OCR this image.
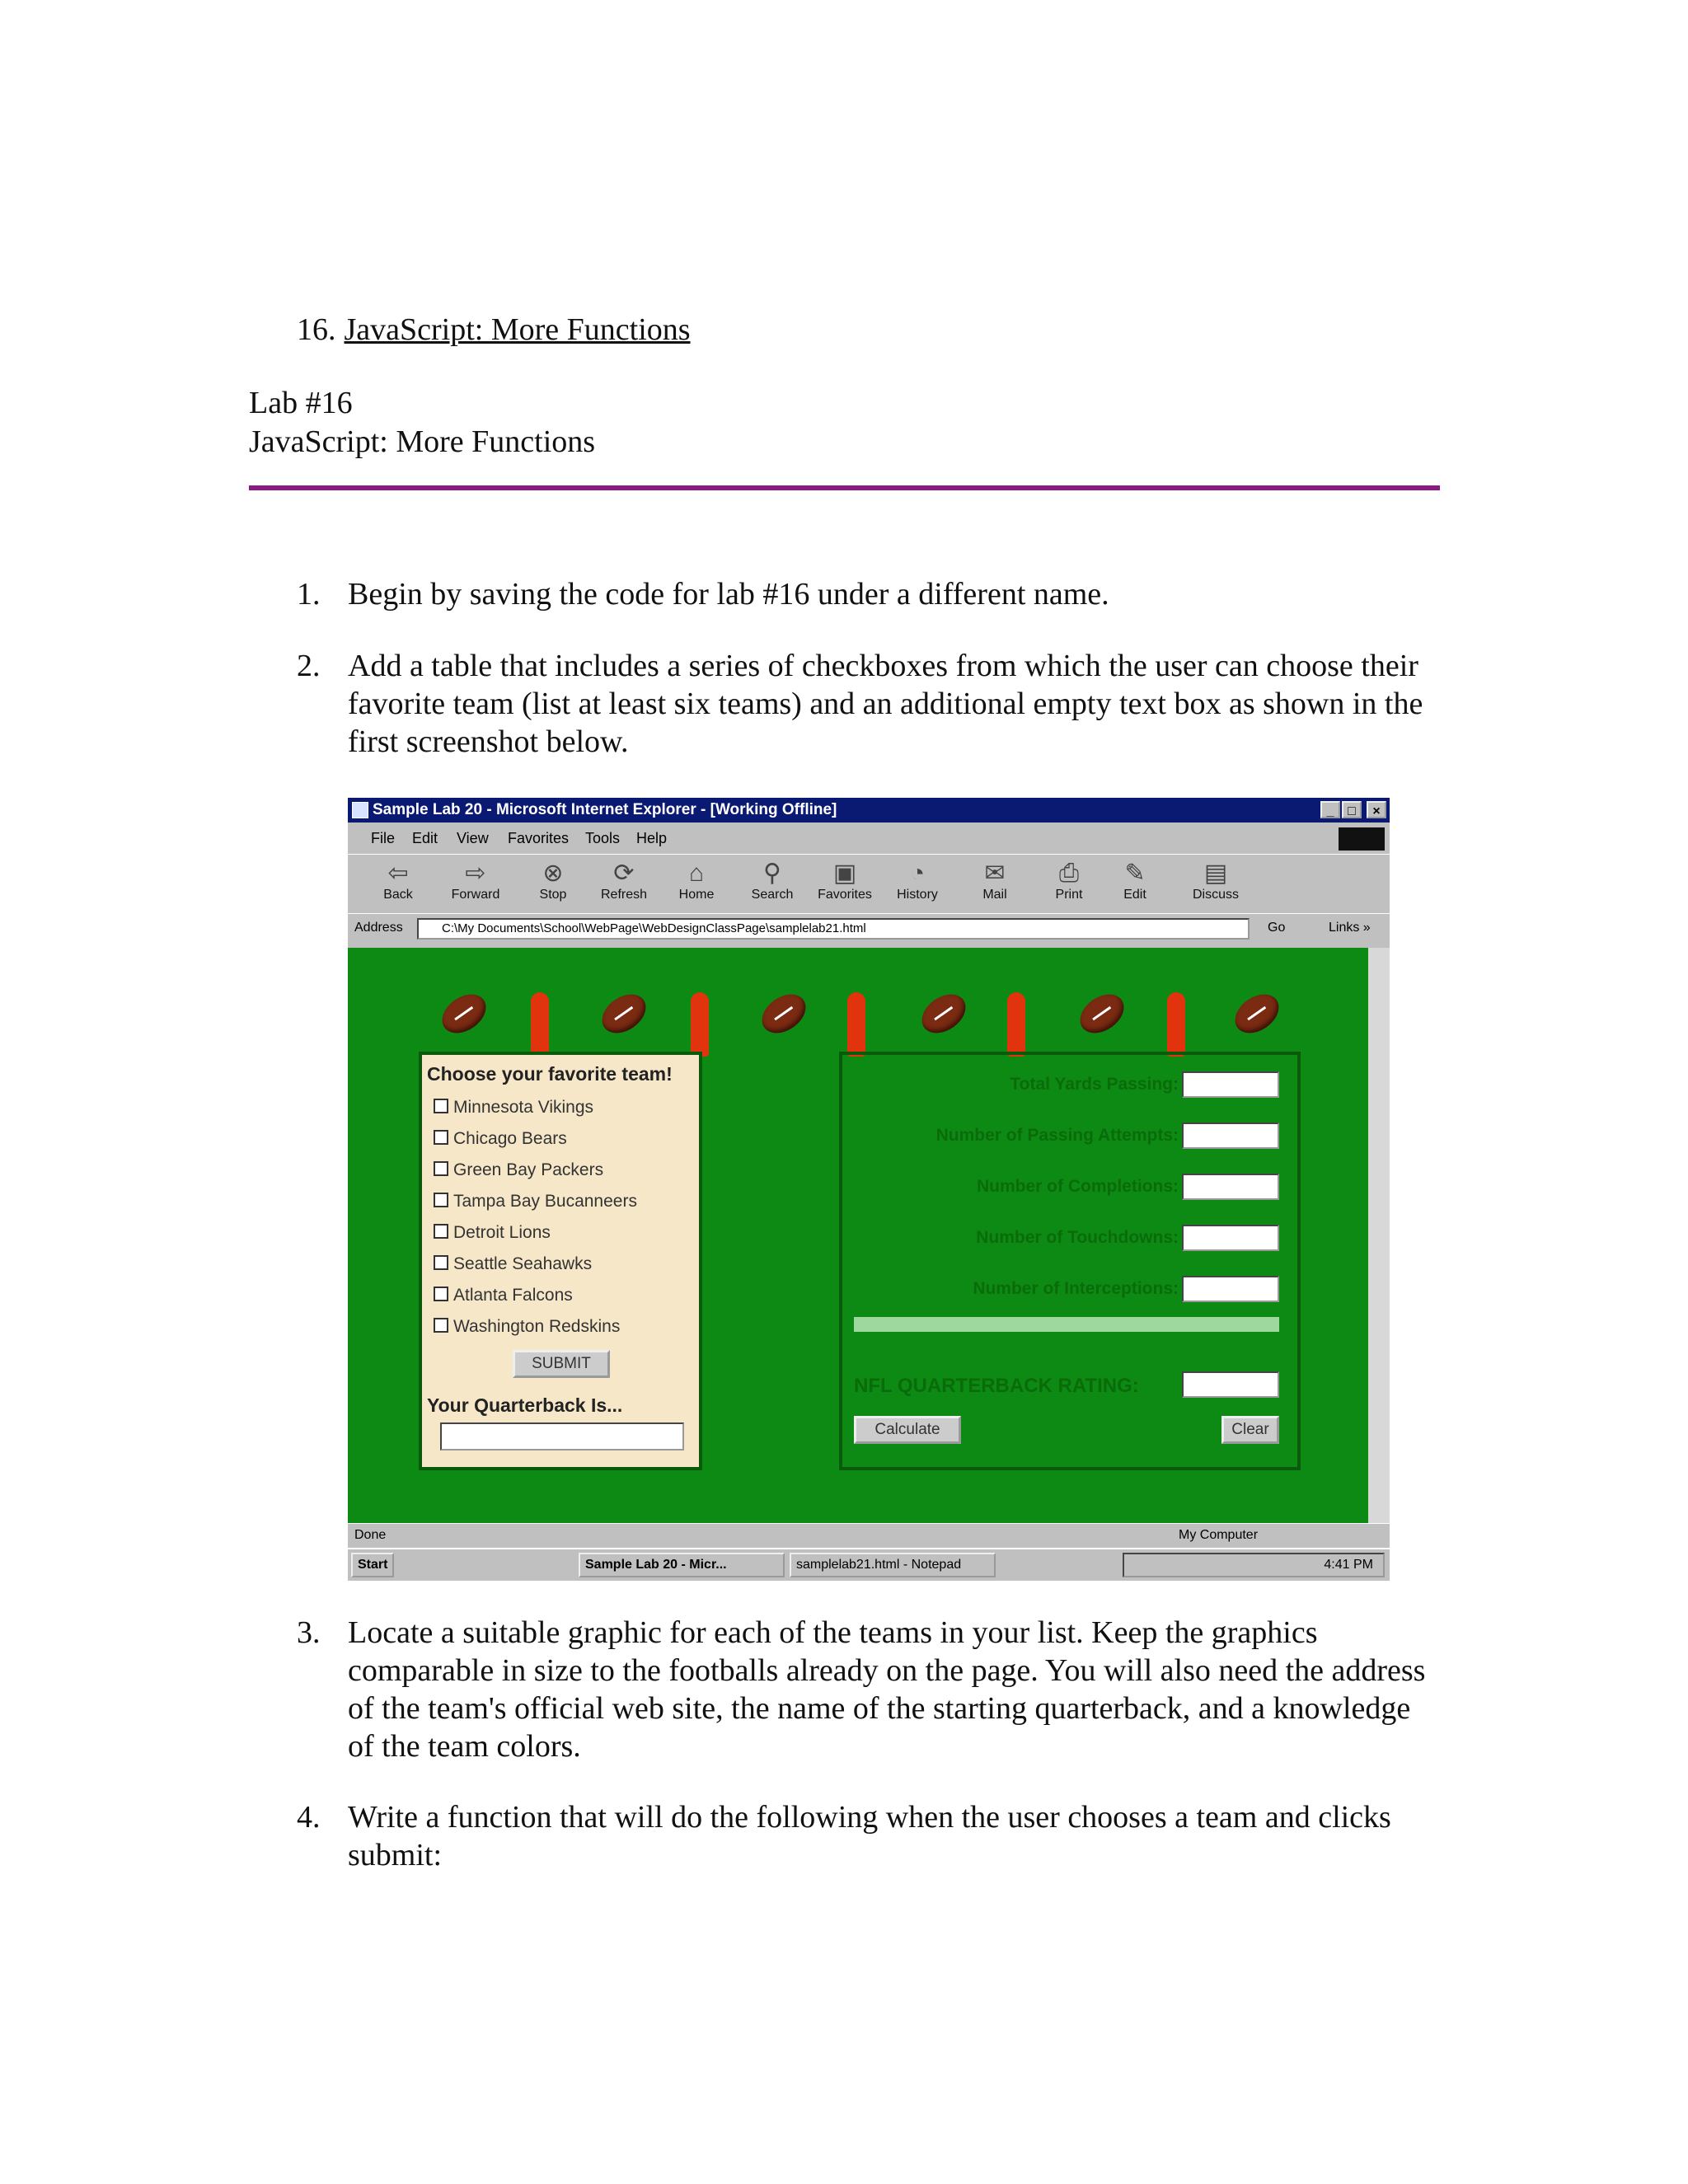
16. JavaScript: More Functions
Lab #16
JavaScript: More Functions
1. Begin by saving the code for lab #16 under a different name.
2. Add a table that includes a series of checkboxes from which the user can choose their favorite team (list at least six teams) and an additional empty text box as shown in the first screenshot below.
Sample Lab 20 - Microsoft Internet Explorer - [Working Offline]	_	□	×
File Edit View Favorites Tools Help
⇦
Back
⇨
Forward
⊗
Stop
⟳
Refresh
⌂
Home
⚲
Search
▣
Favorites
◔
History
✉
Mail
⎙
Print
✎
Edit
▤
Discuss
Address	C:\My Documents\School\WebPage\WebDesignClassPage\samplelab21.html	Go	Links »
Choose your favorite team!
Minnesota Vikings
Chicago Bears
Green Bay Packers
Tampa Bay Bucanneers
Detroit Lions
Seattle Seahawks
Atlanta Falcons
Washington Redskins
SUBMIT
Your Quarterback Is...
Total Yards Passing:
Number of Passing Attempts:
Number of Completions:
Number of Touchdowns:
Number of Interceptions:
NFL QUARTERBACK RATING:
Calculate	Clear
Done	My Computer
Start	Sample Lab 20 - Micr...	samplelab21.html - Notepad	4:41 PM
3. Locate a suitable graphic for each of the teams in your list. Keep the graphics comparable in size to the footballs already on the page. You will also need the address of the team's official web site, the name of the starting quarterback, and a knowledge of the team colors.
4. Write a function that will do the following when the user chooses a team and clicks submit:
